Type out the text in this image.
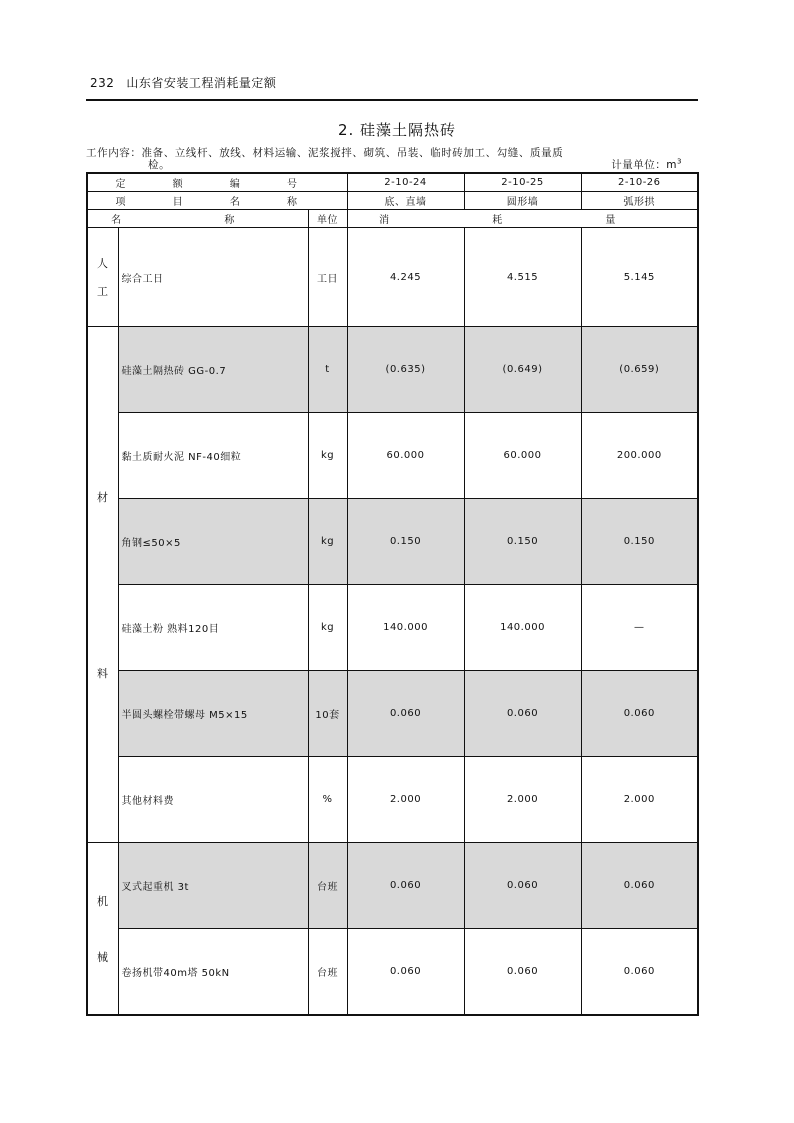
232 山东省安装工程消耗量定额
2. 硅藻土隔热砖
工作内容：准备、立线杆、放线、材料运输、泥浆搅拌、砌筑、吊装、临时砖加工、勾缝、质量质
检。	计量单位：$m^3$
定 额 编 号			2-10-24	2-10-25	2-10-26
项 目 名 称			底、直墙	圆形墙	弧形拱
名 称		单位	消 耗 量		

人
工	综合工日	工日	4.245	4.515	5.145

材
料	硅藻土隔热砖 GG-0.7	t	(0.635)	(0.649)	(0.659)
	黏土质耐火泥 NF-40细粒	kg	60.000	60.000	200.000
	角钢≤50×5	kg	0.150	0.150	0.150
	硅藻土粉 熟料120目	kg	140.000	140.000	—
	半圆头螺栓带螺母 M5×15	10套	0.060	0.060	0.060
	其他材料费	%	2.000	2.000	2.000

机
械	叉式起重机 3t	台班	0.060	0.060	0.060
	卷扬机带40m塔 50kN	台班	0.060	0.060	0.060
